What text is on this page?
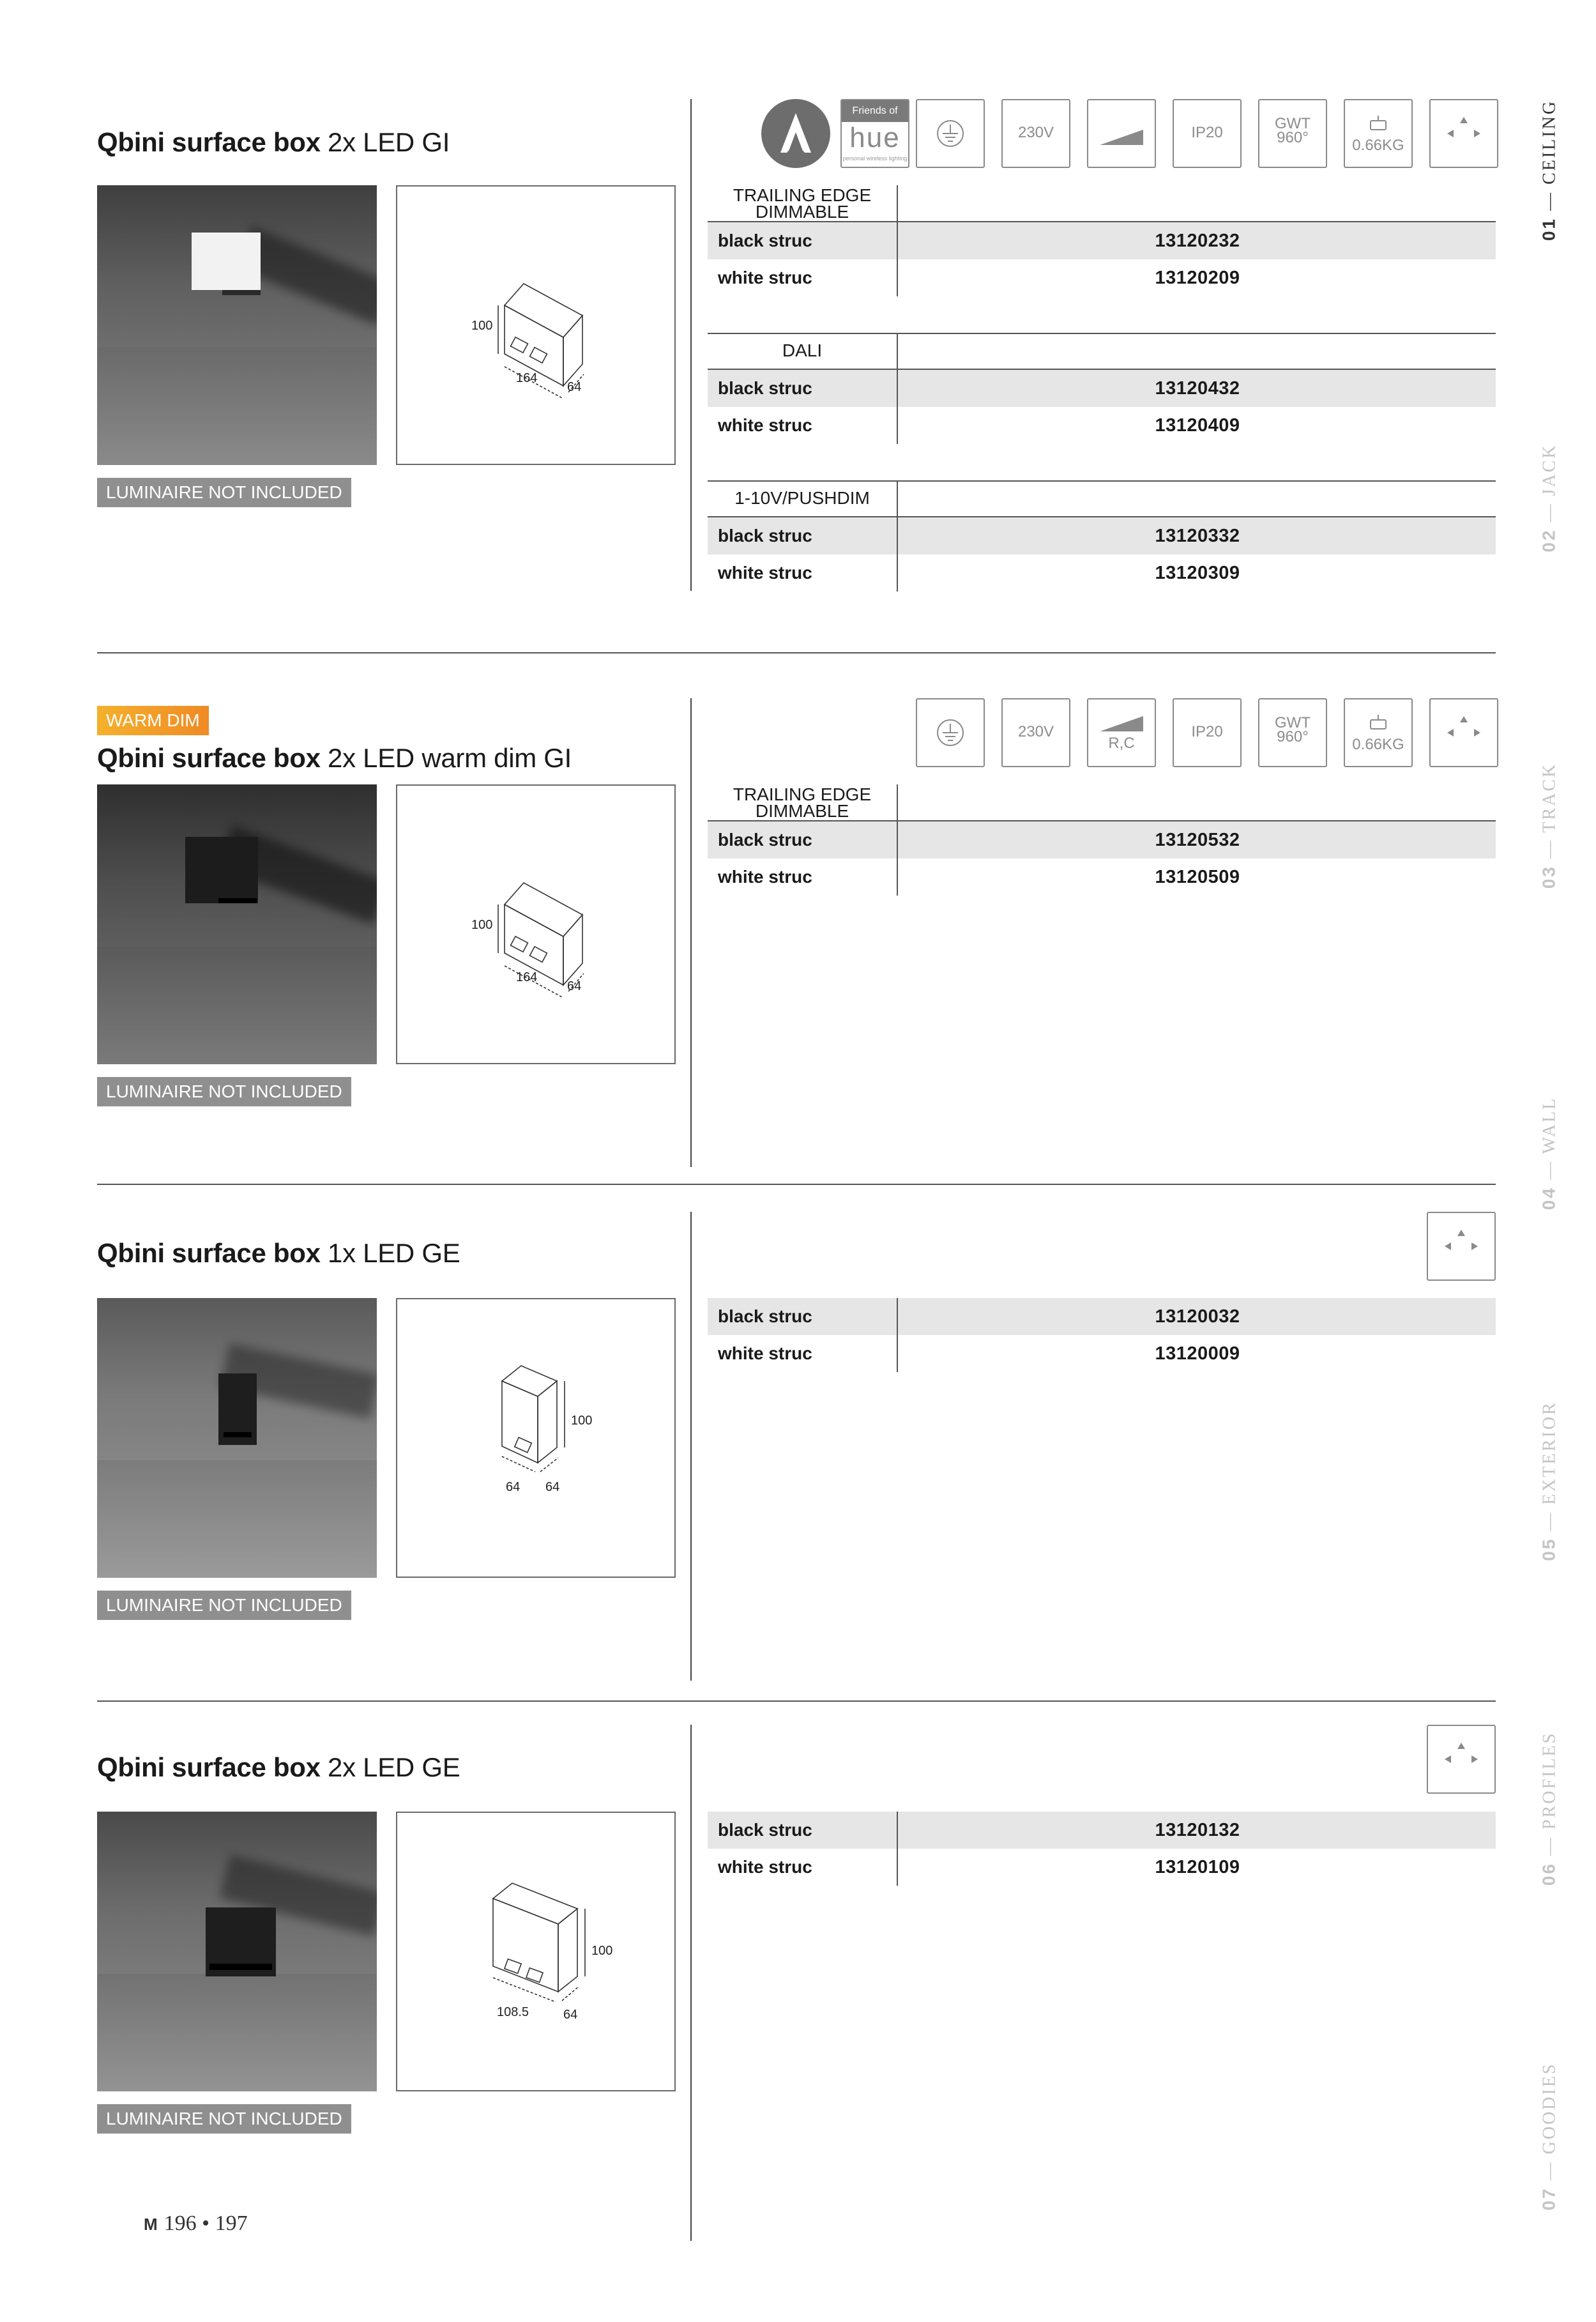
Qbini surface box 2x LED GI
100
164
64
LUMINAIRE NOT INCLUDED
Friends of
hue
personal wireless lighting
230V	IP20
GWT
960°	0.66KG
TRAILING EDGE DIMMABLE
black struc	13120232
white struc	13120209
DALI
black struc	13120432
white struc	13120409
1-10V/PUSHDIM
black struc	13120332
white struc	13120309
WARM DIM
Qbini surface box 2x LED warm dim GI
100
164
64
LUMINAIRE NOT INCLUDED
230V
R,C
IP20
GWT
960°	0.66KG
TRAILING EDGE DIMMABLE
black struc	13120532
white struc	13120509
Qbini surface box 1x LED GE
100
64 64
LUMINAIRE NOT INCLUDED
black struc	13120032
white struc	13120009
Qbini surface box 2x LED GE
100
108.5	64
LUMINAIRE NOT INCLUDED
black struc	13120132
white struc	13120109
01 — CEILING
02 — JACK
03 — TRACK
04 — WALL
05 — EXTERIOR
06 — PROFILES
07 — GOODIES
M 196 • 197
